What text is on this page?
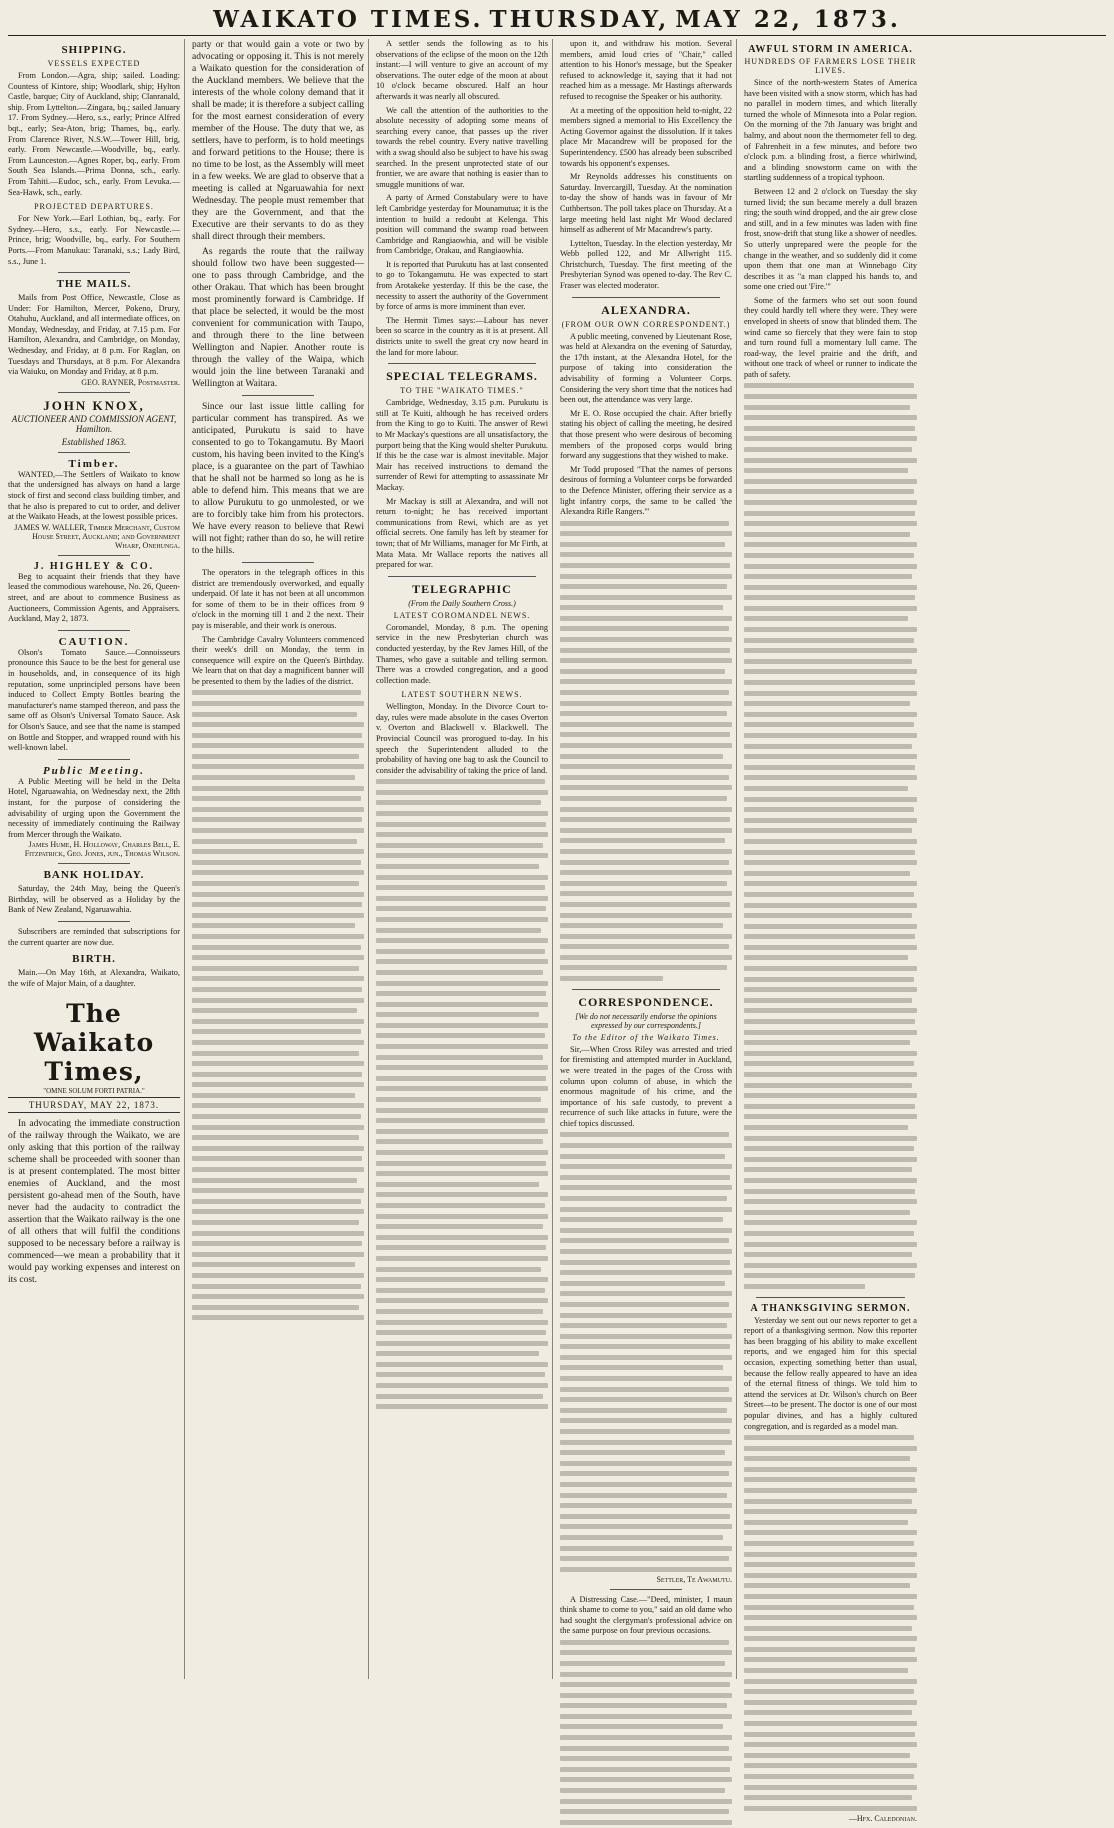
WAIKATO TIMES. THURSDAY, MAY 22, 1873.
SHIPPING.
VESSELS EXPECTED

From London.—Agra, ship; sailed. Loading: Countess of Kintore, ship; Woodlark, ship; Hylton Castle, barque; City of Auckland, ship; Clanranald, ship. From Lyttelton.—Zingara, bq.; sailed January 17. From Sydney.—Hero, s.s., early; Prince Alfred bqt., early; Sea-Aton, brig; Thames, bq., early. From Clarence River, N.S.W.—Tower Hill, brig, early. From Newcastle.—Woodville, bq., early. From Launceston.—Agnes Roper, bq., early. From South Sea Islands.—Prima Donna, sch., early. From Tahiti.—Eudoc, sch., early. From Levuka.—Sea-Hawk, sch., early.

PROJECTED DEPARTURES.

For New York.—Earl Lothian, bq., early. For Sydney.—Hero, s.s., early. For Newcastle.—Prince, brig; Woodville, bq., early. For Southern Ports.—From Manukau: Taranaki, s.s.; Lady Bird, s.s., June 1.

THE MAILS.

Mails from Post Office, Newcastle, Close as Under: For Hamilton, Mercer, Pokeno, Drury, Otahuhu, Auckland, and all intermediate offices, on Monday, Wednesday, and Friday, at 7.15 p.m. For Hamilton, Alexandra, and Cambridge, on Monday, Wednesday, and Friday, at 8 p.m. For Raglan, on Tuesdays and Thursdays, at 8 p.m. For Alexandra via Waiuku, on Monday and Friday, at 8 p.m.

GEO. RAYNER, Postmaster.
JOHN KNOX,
AUCTIONEER AND COMMISSION AGENT, Hamilton.
Established 1863.
Timber.

WANTED,—The Settlers of Waikato to know that the undersigned has always on hand a large stock of first and second class building timber, and that he also is prepared to cut to order, and deliver at the Waikato Heads, at the lowest possible prices.

JAMES W. WALLER, Timber Merchant, Custom House Street, Auckland; and Government Wharf, Onehunga.
J. HIGHLEY & CO.

Beg to acquaint their friends that they have leased the commodious warehouse, No. 26, Queen-street, and are about to commence Business as Auctioneers, Commission Agents, and Appraisers. Auckland, May 2, 1873.

CAUTION.

Olson's Tomato Sauce.—Connoisseurs pronounce this Sauce to be the best for general use in households, and, in consequence of its high reputation, some unprincipled persons have been induced to Collect Empty Bottles bearing the manufacturer's name stamped thereon, and pass the same off as Olson's Universal Tomato Sauce. Ask for Olson's Sauce, and see that the name is stamped on Bottle and Stopper, and wrapped round with his well-known label.

Public Meeting.

A Public Meeting will be held in the Delta Hotel, Ngaruawahia, on Wednesday next, the 28th instant, for the purpose of considering the advisability of urging upon the Government the necessity of immediately continuing the Railway from Mercer through the Waikato.

James Hume, H. Holloway, Charles Bell, E. Fitzpatrick, Geo. Jones, jun., Thomas Wilson.
BANK HOLIDAY.

Saturday, the 24th May, being the Queen's Birthday, will be observed as a Holiday by the Bank of New Zealand, Ngaruawahia.

Subscribers are reminded that subscriptions for the current quarter are now due.

BIRTH.

Main.—On May 16th, at Alexandra, Waikato, the wife of Major Main, of a daughter.

The Waikato Times,
"OMNE SOLUM FORTI PATRIA."
THURSDAY, MAY 22, 1873.

In advocating the immediate construction of the railway through the Waikato, we are only asking that this portion of the railway scheme shall be proceeded with sooner than is at present contemplated. The most bitter enemies of Auckland, and the most persistent go-ahead men of the South, have never had the audacity to contradict the assertion that the Waikato railway is the one of all others that will fulfil the conditions supposed to be necessary before a railway is commenced—we mean a probability that it would pay working expenses and interest on its cost.

party or that would gain a vote or two by advocating or opposing it. This is not merely a Waikato question for the consideration of the Auckland members. We believe that the interests of the whole colony demand that it shall be made; it is therefore a subject calling for the most earnest consideration of every member of the House. The duty that we, as settlers, have to perform, is to hold meetings and forward petitions to the House; there is no time to be lost, as the Assembly will meet in a few weeks. We are glad to observe that a meeting is called at Ngaruawahia for next Wednesday. The people must remember that they are the Government, and that the Executive are their servants to do as they shall direct through their members.

As regards the route that the railway should follow two have been suggested—one to pass through Cambridge, and the other Orakau. That which has been brought most prominently forward is Cambridge. If that place be selected, it would be the most convenient for communication with Taupo, and through there to the line between Wellington and Napier. Another route is through the valley of the Waipa, which would join the line between Taranaki and Wellington at Waitara.

Since our last issue little calling for particular comment has transpired. As we anticipated, Purukutu is said to have consented to go to Tokangamutu. By Maori custom, his having been invited to the King's place, is a guarantee on the part of Tawhiao that he shall not be harmed so long as he is able to defend him. This means that we are to allow Purukutu to go unmolested, or we are to forcibly take him from his protectors. We have every reason to believe that Rewi will not fight; rather than do so, he will retire to the hills.

The operators in the telegraph offices in this district are tremendously overworked, and equally underpaid. Of late it has not been at all uncommon for some of them to be in their offices from 9 o'clock in the morning till 1 and 2 the next. Their pay is miserable, and their work is onerous.

The Cambridge Cavalry Volunteers commenced their week's drill on Monday, the term in consequence will expire on the Queen's Birthday. We learn that on that day a magnificent banner will be presented to them by the ladies of the district.

A settler sends the following as to his observations of the eclipse of the moon on the 12th instant:—I will venture to give an account of my observations. The outer edge of the moon at about 10 o'clock became obscured. Half an hour afterwards it was nearly all obscured.

We call the attention of the authorities to the absolute necessity of adopting some means of searching every canoe, that passes up the river towards the rebel country. Every native travelling with a swag should also be subject to have his swag searched. In the present unprotected state of our frontier, we are aware that nothing is easier than to smuggle munitions of war.

A party of Armed Constabulary were to have left Cambridge yesterday for Mounamutua; it is the intention to build a redoubt at Kelenga. This position will command the swamp road between Cambridge and Rangiaowhia, and will be visible from Cambridge, Orakau, and Rangiaowhia.

It is reported that Purukutu has at last consented to go to Tokangamutu. He was expected to start from Arotakeke yesterday. If this be the case, the necessity to assert the authority of the Government by force of arms is more imminent than ever.

The Hermit Times says:—Labour has never been so scarce in the country as it is at present. All districts unite to swell the great cry now heard in the land for more labour.

SPECIAL TELEGRAMS.
TO THE "WAIKATO TIMES."

Cambridge, Wednesday, 3.15 p.m. Purukutu is still at Te Kuiti, although he has received orders from the King to go to Kuiti. The answer of Rewi to Mr Mackay's questions are all unsatisfactory, the purport being that the King would shelter Purukutu. If this be the case war is almost inevitable. Major Mair has received instructions to demand the surrender of Rewi for attempting to assassinate Mr Mackay.

Mr Mackay is still at Alexandra, and will not return to-night; he has received important communications from Rewi, which are as yet official secrets. One family has left by steamer for town; that of Mr Williams, manager for Mr Firth, at Mata Mata. Mr Wallace reports the natives all prepared for war.

TELEGRAPHIC
(From the Daily Southern Cross.)
LATEST COROMANDEL NEWS.

Coromandel, Monday, 8 p.m. The opening service in the new Presbyterian church was conducted yesterday, by the Rev James Hill, of the Thames, who gave a suitable and telling sermon. There was a crowded congregation, and a good collection made.

LATEST SOUTHERN NEWS.

Wellington, Monday. In the Divorce Court to-day, rules were made absolute in the cases Overton v. Overton and Blackwell v. Blackwell. The Provincial Council was prorogued to-day. In his speech the Superintendent alluded to the probability of having one bag to ask the Council to consider the advisability of taking the price of land.

upon it, and withdraw his motion. Several members, amid loud cries of "Chair," called attention to his Honor's message, but the Speaker refused to acknowledge it, saying that it had not reached him as a message. Mr Hastings afterwards refused to recognise the Speaker or his authority.

At a meeting of the opposition held to-night, 22 members signed a memorial to His Excellency the Acting Governor against the dissolution. If it takes place Mr Macandrew will be proposed for the Superintendency. £500 has already been subscribed towards his opponent's expenses.

Mr Reynolds addresses his constituents on Saturday. Invercargill, Tuesday. At the nomination to-day the show of hands was in favour of Mr Cuthbertson. The poll takes place on Thursday. At a large meeting held last night Mr Wood declared himself as adherent of Mr Macandrew's party.

Lyttelton, Tuesday. In the election yesterday, Mr Webb polled 122, and Mr Allwright 115. Christchurch, Tuesday. The first meeting of the Presbyterian Synod was opened to-day. The Rev C. Fraser was elected moderator.

ALEXANDRA.
(FROM OUR OWN CORRESPONDENT.)

A public meeting, convened by Lieutenant Rose, was held at Alexandra on the evening of Saturday, the 17th instant, at the Alexandra Hotel, for the purpose of taking into consideration the advisability of forming a Volunteer Corps. Considering the very short time that the notices had been out, the attendance was very large.

Mr E. O. Rose occupied the chair. After briefly stating his object of calling the meeting, he desired that those present who were desirous of becoming members of the proposed corps would bring forward any suggestions that they wished to make.

Mr Todd proposed "That the names of persons desirous of forming a Volunteer corps be forwarded to the Defence Minister, offering their service as a light infantry corps, the same to be called 'the Alexandra Rifle Rangers.'"

CORRESPONDENCE.
[We do not necessarily endorse the opinions expressed by our correspondents.]
To the Editor of the Waikato Times.

Sir,—When Cross Riley was arrested and tried for firemisting and attempted murder in Auckland, we were treated in the pages of the Cross with column upon column of abuse, in which the enormous magnitude of his crime, and the importance of his safe custody, to prevent a recurrence of such like attacks in future, were the chief topics discussed.

Settler, Te Awamutu.

A Distressing Case.—"Deed, minister, I maun think shame to come to you," said an old dame who had sought the clergyman's professional advice on the same purpose on four previous occasions.

AWFUL STORM IN AMERICA.
HUNDREDS OF FARMERS LOSE THEIR LIVES.

Since of the north-western States of America have been visited with a snow storm, which has had no parallel in modern times, and which literally turned the whole of Minnesota into a Polar region. On the morning of the 7th January was bright and balmy, and about noon the thermometer fell to deg. of Fahrenheit in a few minutes, and before two o'clock p.m. a blinding frost, a fierce whirlwind, and a blinding snowstorm came on with the startling suddenness of a tropical typhoon.

Between 12 and 2 o'clock on Tuesday the sky turned livid; the sun became merely a dull brazen ring; the south wind dropped, and the air grew close and still, and in a few minutes was laden with fine frost, snow-drift that stung like a shower of needles. So utterly unprepared were the people for the change in the weather, and so suddenly did it come upon them that one man at Winnebago City describes it as "a man clapped his hands to, and some one cried out 'Fire.'"

Some of the farmers who set out soon found they could hardly tell where they were. They were enveloped in sheets of snow that blinded them. The wind came so fiercely that they were fain to stop and turn round full a momentary lull came. The road-way, the level prairie and the drift, and without one track of wheel or runner to indicate the path of safety.

A THANKSGIVING SERMON.

Yesterday we sent out our news reporter to get a report of a thanksgiving sermon. Now this reporter has been bragging of his ability to make excellent reports, and we engaged him for this special occasion, expecting something better than usual, because the fellow really appeared to have an idea of the eternal fitness of things. We told him to attend the services at Dr. Wilson's church on Beer Street—to be present. The doctor is one of our most popular divines, and has a highly cultured congregation, and is regarded as a model man.

—Hfx. Caledonian.
